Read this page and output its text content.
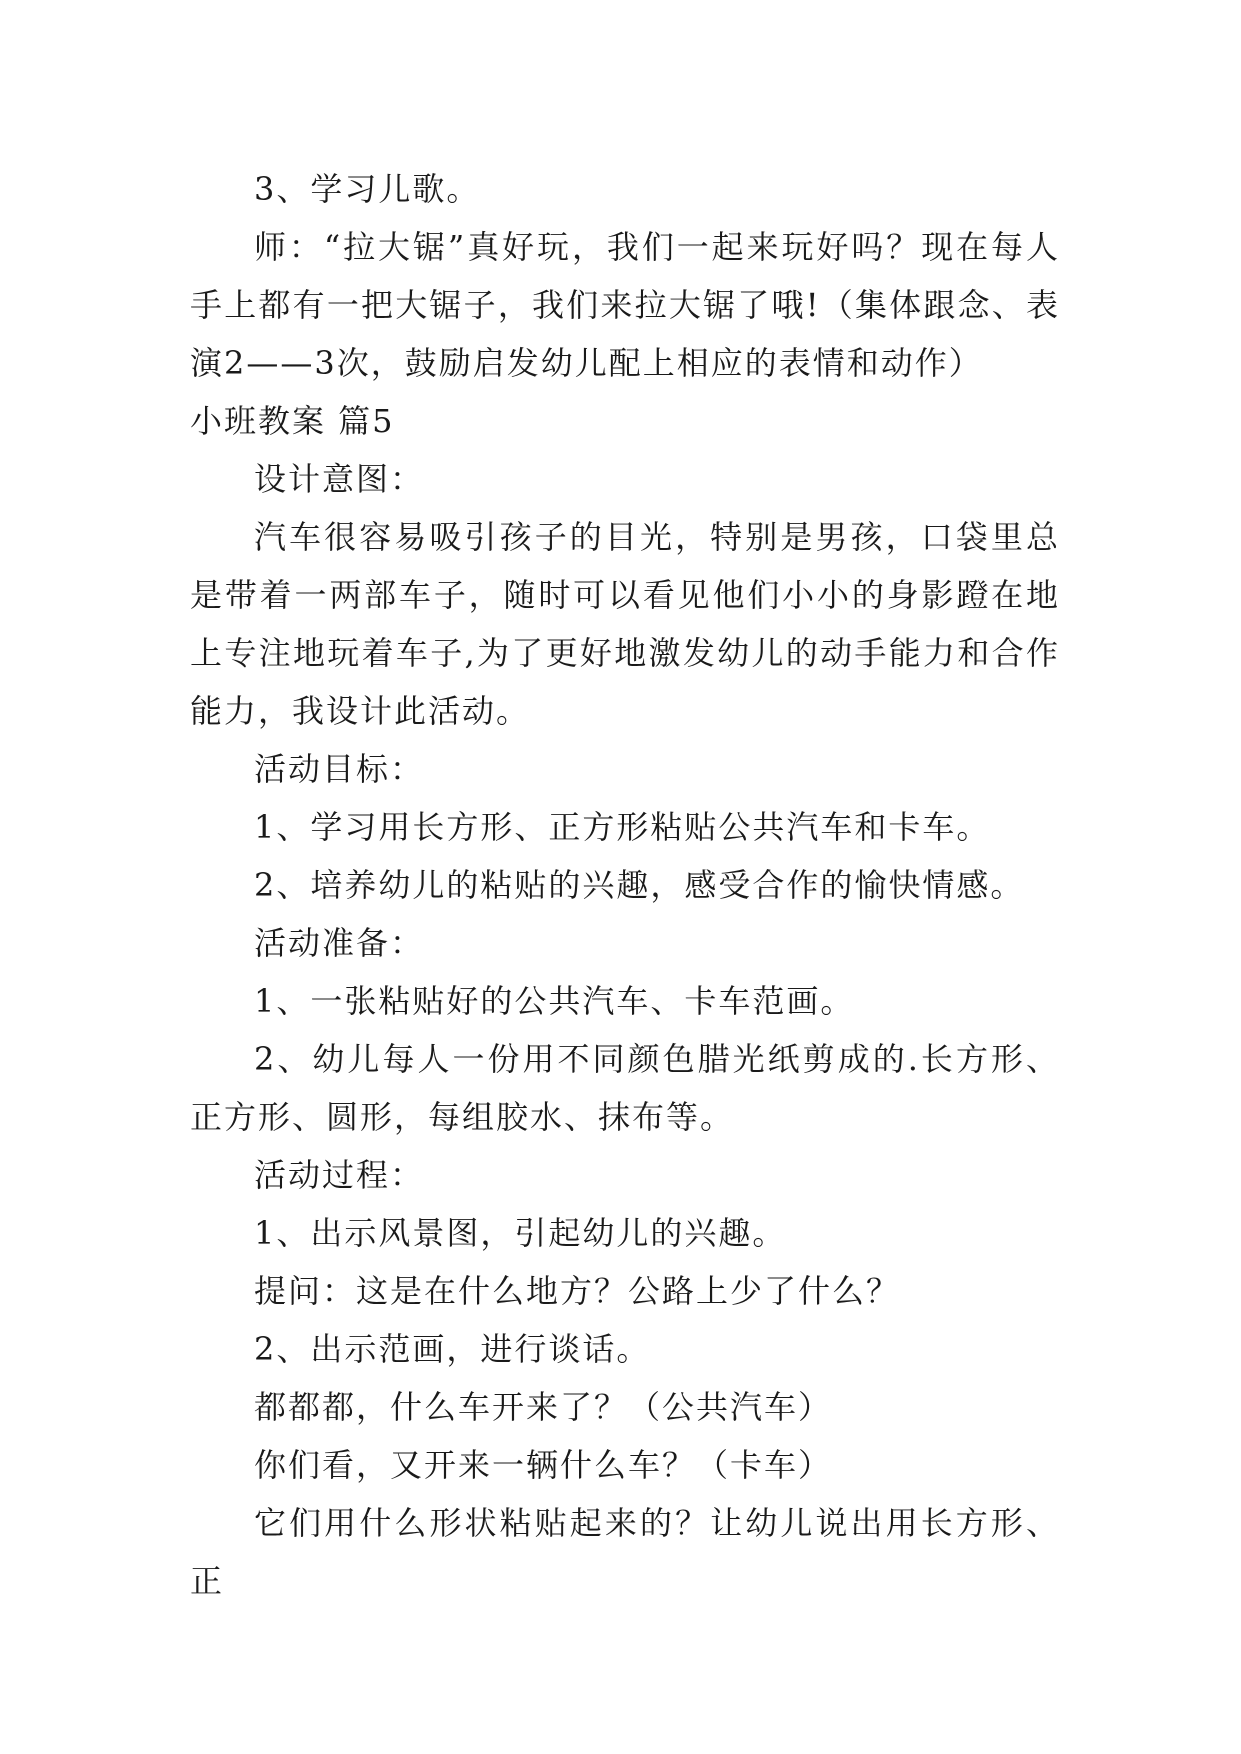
3、学习儿歌。

师：“拉大锯”真好玩，我们一起来玩好吗？现在每人手上都有一把大锯子，我们来拉大锯了哦!（集体跟念、表演2——3次，鼓励启发幼儿配上相应的表情和动作）

小班教案 篇5

设计意图：

汽车很容易吸引孩子的目光，特别是男孩，口袋里总是带着一两部车子，随时可以看见他们小小的身影蹬在地上专注地玩着车子,为了更好地激发幼儿的动手能力和合作能力，我设计此活动。

活动目标：

1、学习用长方形、正方形粘贴公共汽车和卡车。

2、培养幼儿的粘贴的兴趣，感受合作的愉快情感。

活动准备：

1、一张粘贴好的公共汽车、卡车范画。

2、幼儿每人一份用不同颜色腊光纸剪成的.长方形、正方形、圆形，每组胶水、抹布等。

活动过程：

1、出示风景图，引起幼儿的兴趣。

提问：这是在什么地方？公路上少了什么？

2、出示范画，进行谈话。

都都都，什么车开来了？（公共汽车）

你们看，又开来一辆什么车？（卡车）

它们用什么形状粘贴起来的？让幼儿说出用长方形、正
